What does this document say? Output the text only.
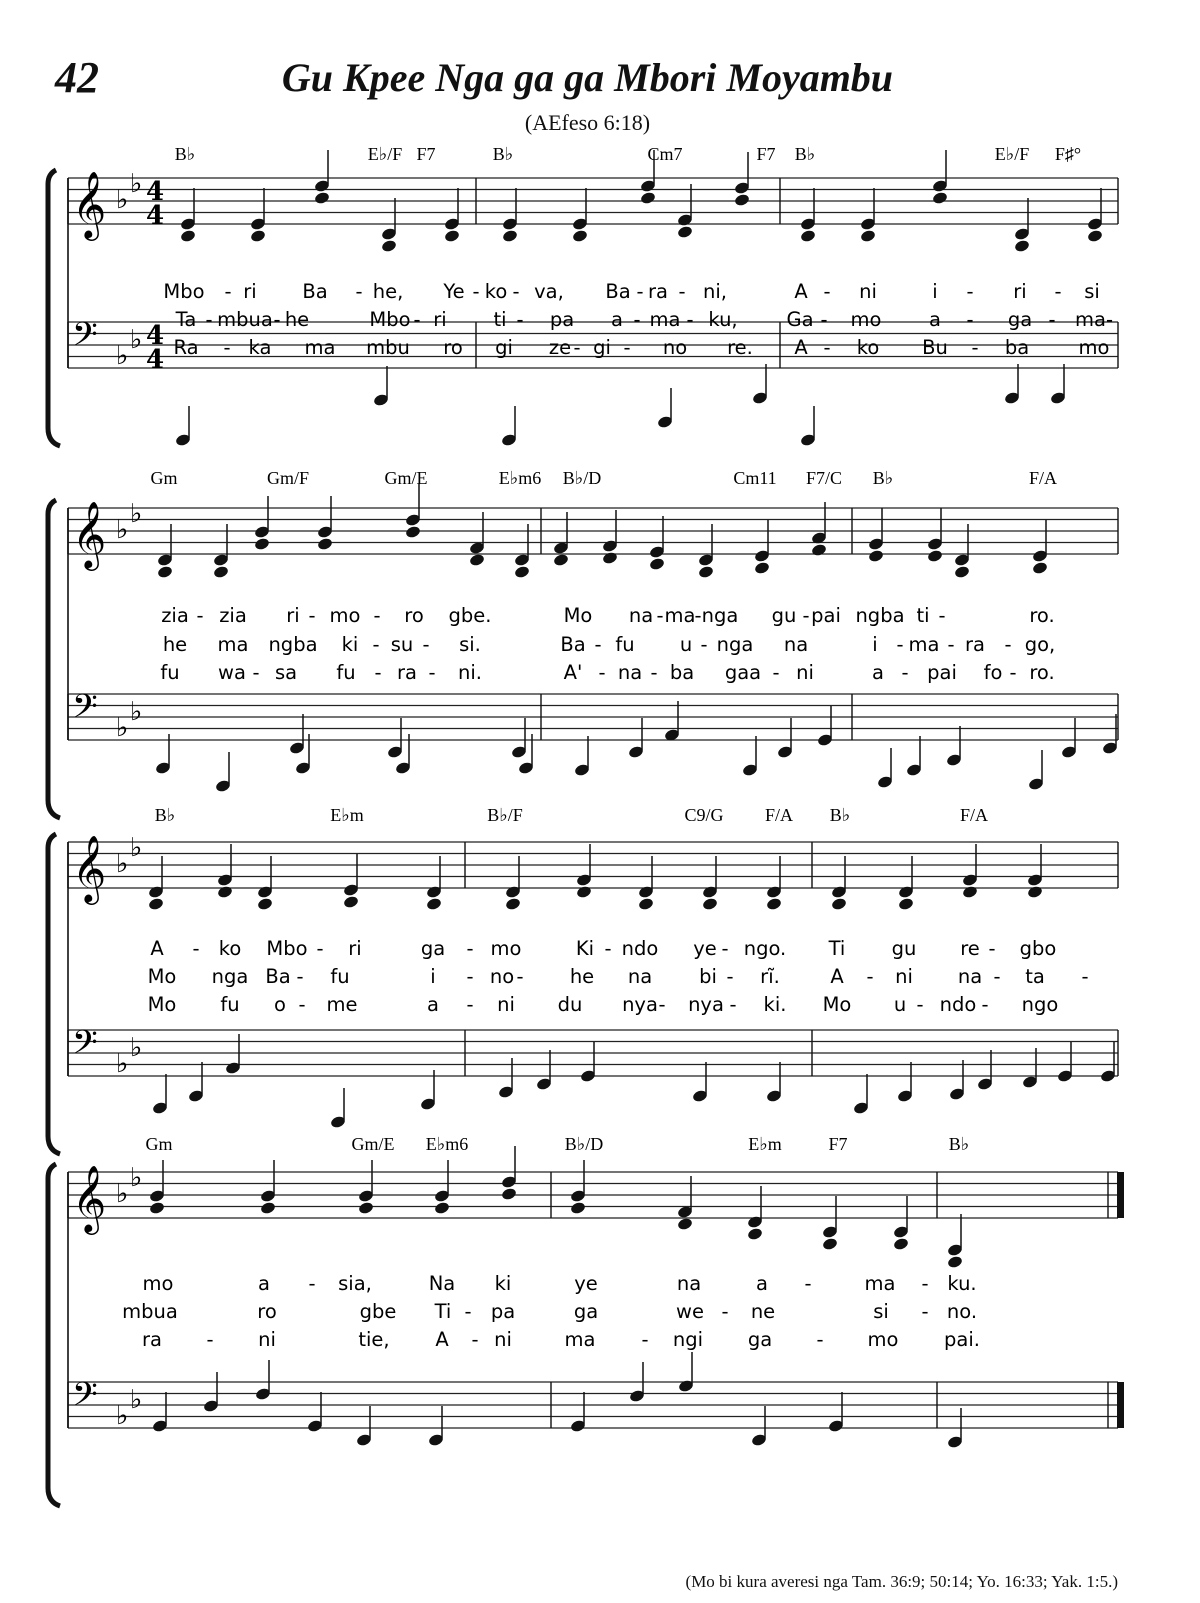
42	Gu Kpee Nga ga ga Mbori Moyambu
(AEfeso 6:18)
(Mo bi kura averesi nga Tam. 36:9; 50:14; Yo. 16:33; Yak. 1:5.)
𝄞 ♭
♭ 4
4
𝄢 ♭
♭ 4
4
B♭	E♭/F F7	B♭	Cm7	F7 B♭	E♭/F F♯°
Mbo - ri Ba - he, Ye - ko - va, Ba - ra - ni,	A - ni	i - ri - si
Ta - mbua - he	Mbo - ri ti - pa a - ma - ku,	Ga - mo a - ga - ma-
Ra - ka ma mbu ro gi ze - gi - no re. A - ko Bu - ba	mo
𝄞 ♭
♭
𝄢 ♭
♭
Gm	Gm/F	Gm/E	E♭m6 B♭/D	Cm11 F7/C B♭	F/A
zia - zia ri - mo - ro gbe.	Mo na - ma - nga gu - pai ngba ti -	ro.
he ma ngba ki - su - si.	Ba - fu u - nga na	i - ma - ra - go,
fu wa - sa fu - ra - ni.	A' - na - ba gaa - ni	a - pai fo - ro.
𝄞 ♭
♭
𝄢 ♭
♭
B♭	E♭m	B♭/F	C9/G F/A B♭	F/A
A - ko Mbo - ri	ga - mo	Ki - ndo ye - ngo. Ti gu re - gbo
Mo nga Ba - fu	i - no - he na bi - rĩ.	A - ni na - ta -
Mo fu o - me	a - ni du nya - nya - ki. Mo u - ndo - ngo
𝄞 ♭
♭
𝄢 ♭
♭
Gm	Gm/E E♭m6	B♭/D	E♭m	F7	B♭
mo	a - sia,	Na ki	ye	na	a -	ma - ku.
mbua	ro	gbe Ti - pa	ga	we - ne	si - no.
ra - ni	tie, A - ni	ma - ngi ga - mo pai.
